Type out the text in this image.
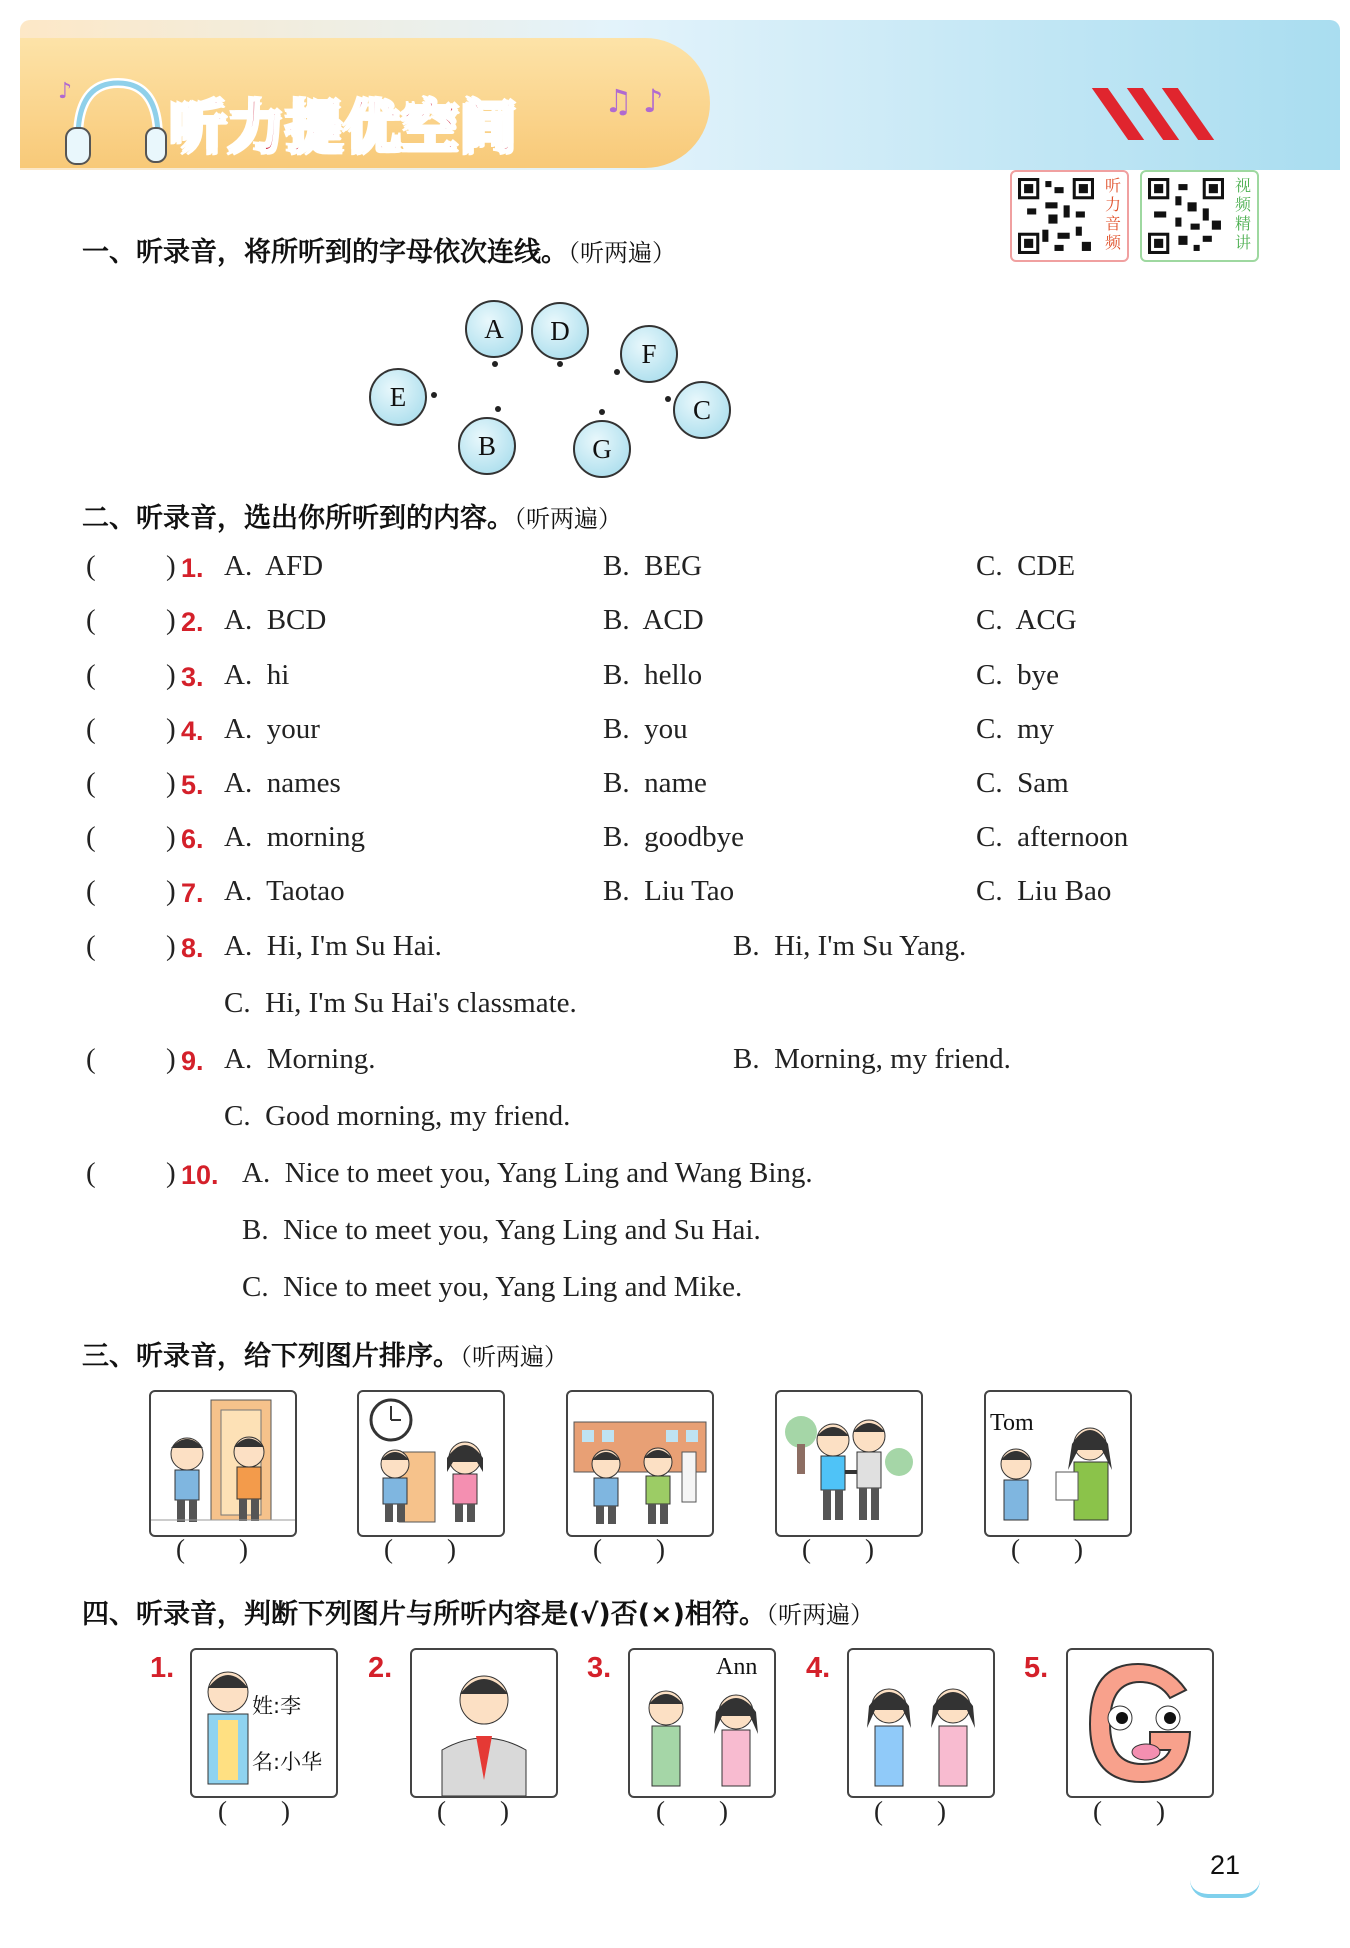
♪
听力提优空间	♫ ♪
听力音频
视频精讲
一、听录音，将所听到的字母依次连线。（听两遍）
A	D
F
E	C
B	G
二、听录音，选出你所听到的内容。（听两遍）
( ) 1. A.  AFD	B.  BEG	C.  CDE
( ) 2. A.  BCD	B.  ACD	C.  ACG
( ) 3. A.  hi	B.  hello	C.  bye
( ) 4. A.  your	B.  you	C.  my
( ) 5. A.  names	B.  name	C.  Sam
( ) 6. A.  morning	B.  goodbye	C.  afternoon
( ) 7. A.  Taotao	B.  Liu Tao	C.  Liu Bao
( ) 8. A.  Hi, I'm Su Hai.	B.  Hi, I'm Su Yang.
C.  Hi, I'm Su Hai's classmate.
( ) 9. A.  Morning.	B.  Morning, my friend.
C.  Good morning, my friend.
( ) 10. A.  Nice to meet you, Yang Ling and Wang Bing.
B.  Nice to meet you, Yang Ling and Su Hai.
C.  Nice to meet you, Yang Ling and Mike.
三、听录音，给下列图片排序。（听两遍）
Tom
(        )	(        )	(        )	(        )	(        )
四、听录音，判断下列图片与所听内容是(√)否(×)相符。（听两遍）
1.	2.	3.	4.	5.
姓:李
名:小华
Ann
(        )	(        )	(        )	(        )	(        )
21
